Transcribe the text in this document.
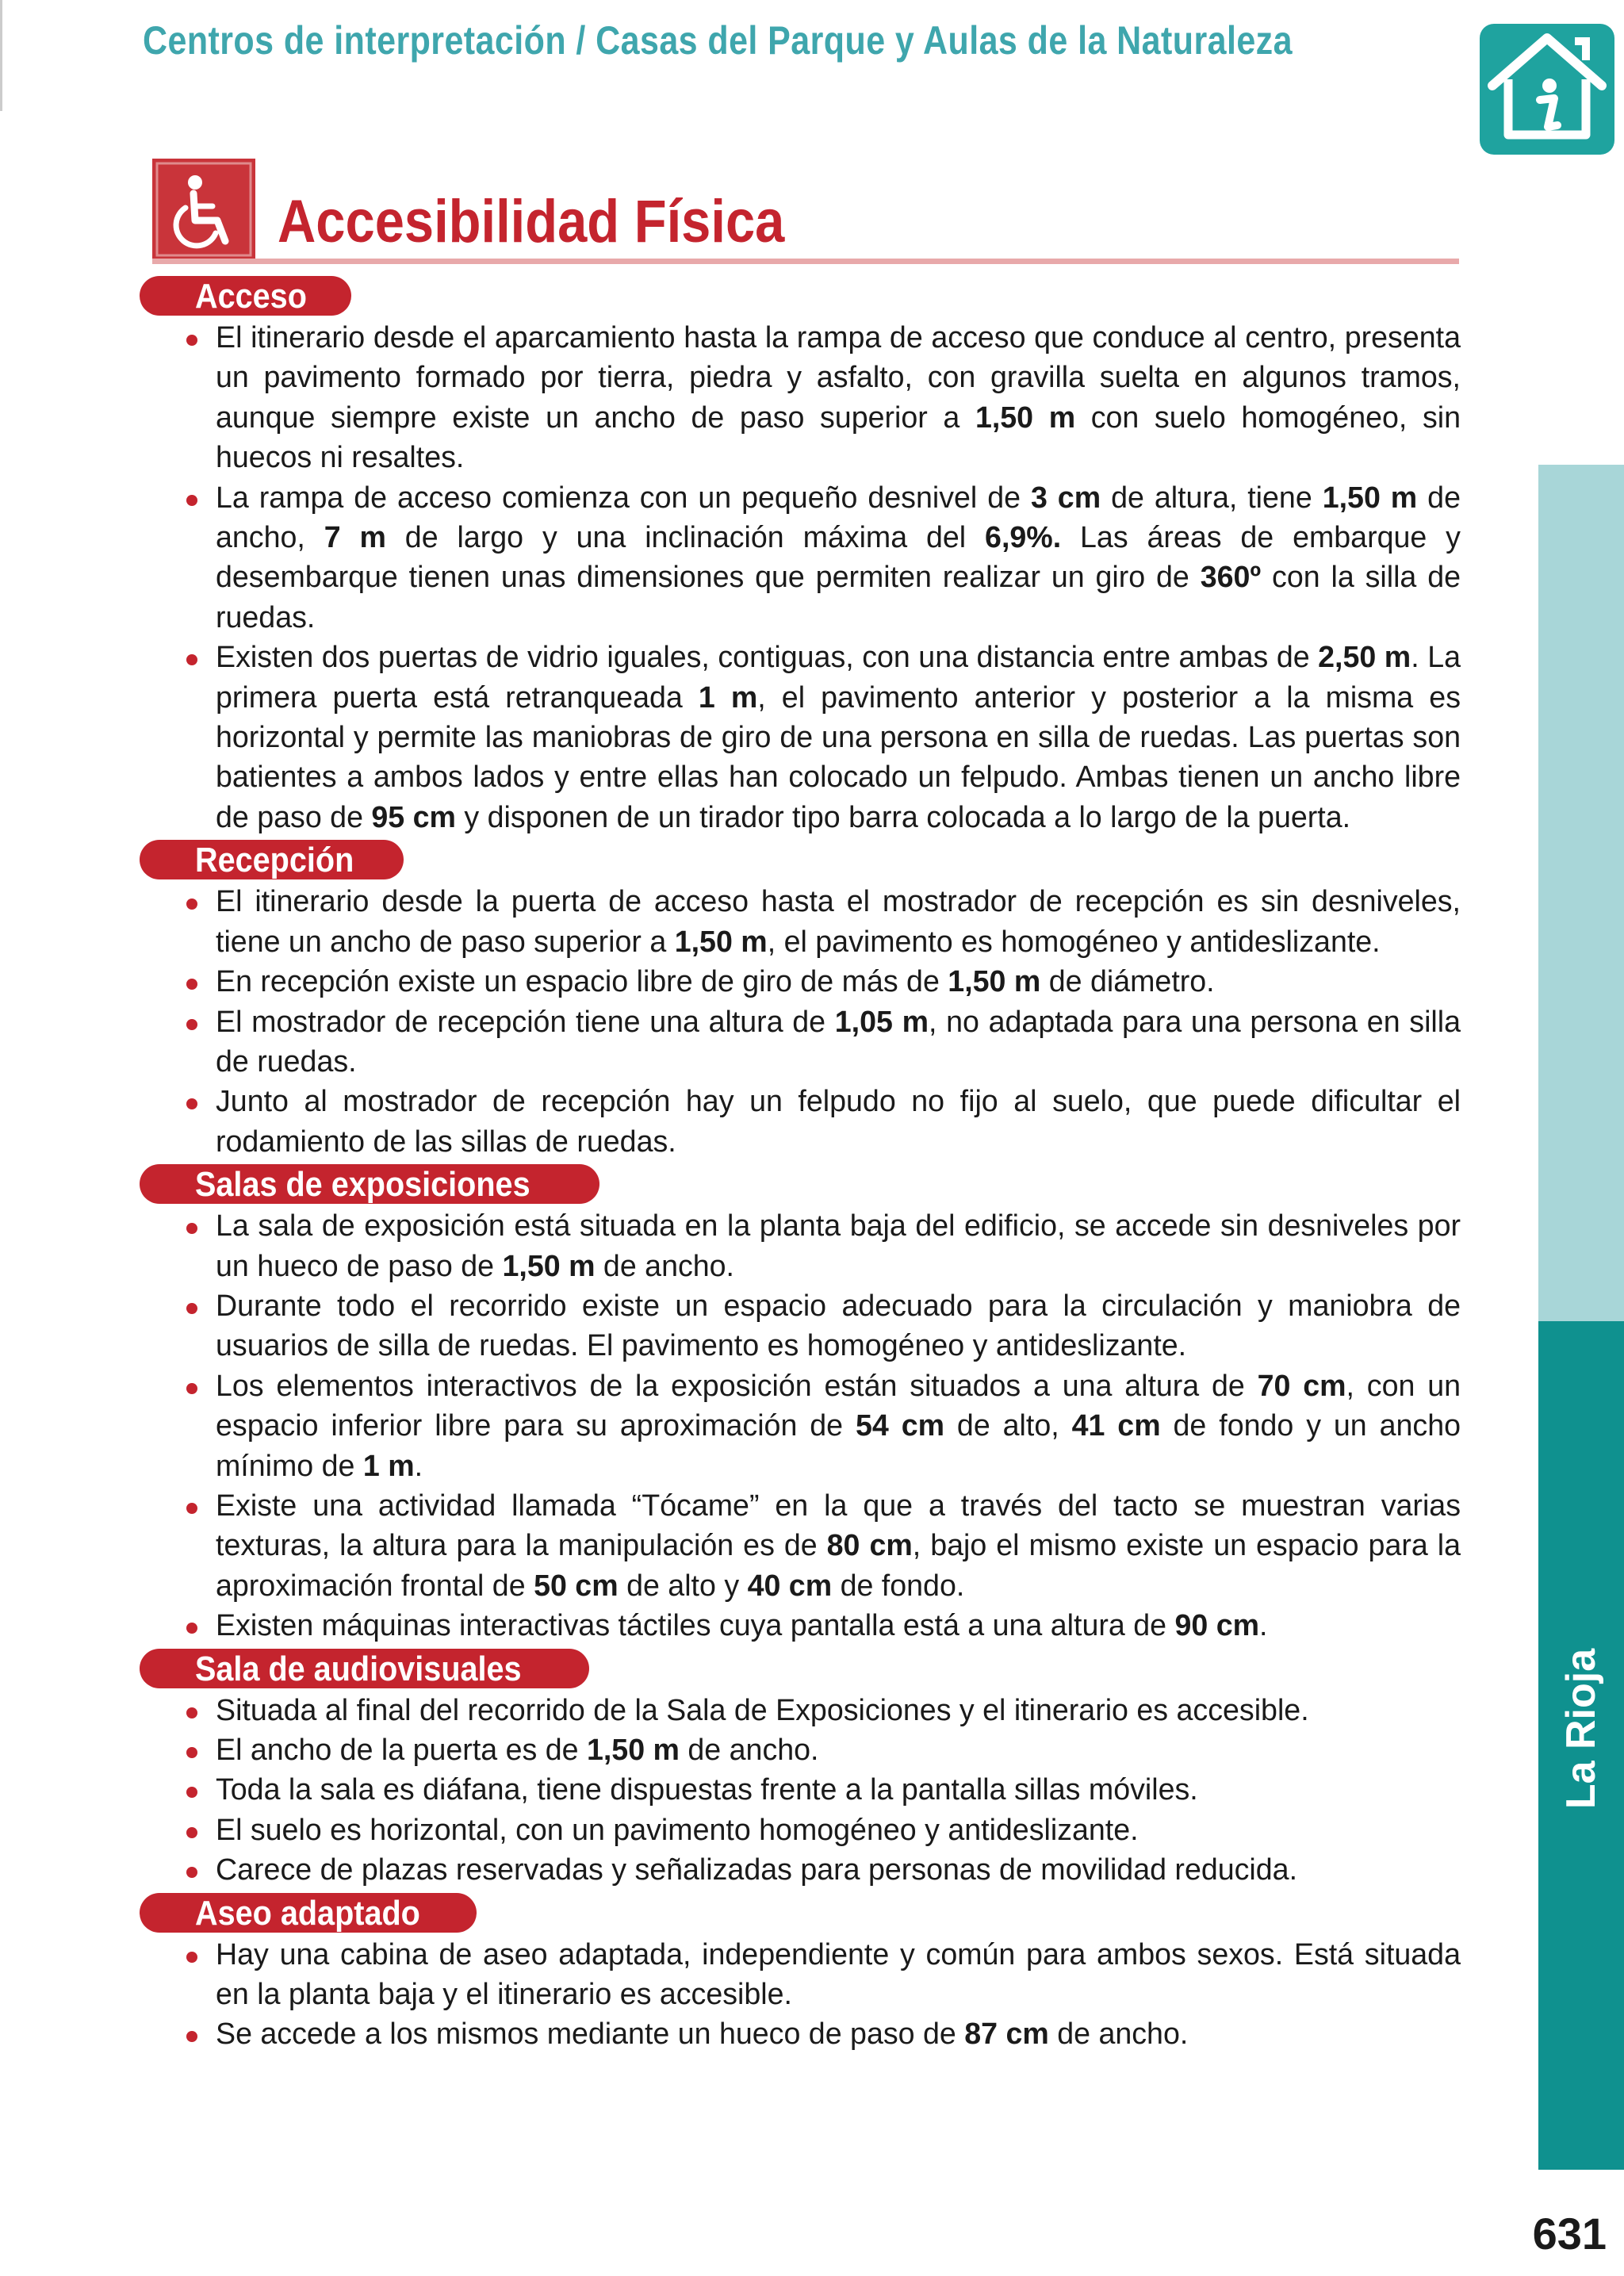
Centros de interpretación / Casas del Parque y Aulas de la Naturaleza
La Rioja
Accesibilidad Física
Acceso
El itinerario desde el aparcamiento hasta la rampa de acceso que conduce al centro, presenta un pavimento formado por tierra, piedra y asfalto, con gravilla suelta en algunos tramos, aunque siempre existe un ancho de paso superior a 1,50 m con suelo homogéneo, sin huecos ni resaltes.
La rampa de acceso comienza con un pequeño desnivel de 3 cm de altura, tiene 1,50 m de ancho, 7 m de largo y una inclinación máxima del 6,9%. Las áreas de embarque y desembarque tienen unas dimensiones que permiten realizar un giro de 360º con la silla de ruedas.
Existen dos puertas de vidrio iguales, contiguas, con una distancia entre ambas de 2,50 m. La primera puerta está retranqueada 1 m, el pavimento anterior y posterior a la misma es horizontal y permite las maniobras de giro de una persona en silla de ruedas. Las puertas son batientes a ambos lados y entre ellas han colocado un felpudo. Ambas tienen un ancho libre de paso de 95 cm y disponen de un tirador tipo barra colocada a lo largo de la puerta.
Recepción
El itinerario desde la puerta de acceso hasta el mostrador de recepción es sin desniveles, tiene un ancho de paso superior a 1,50 m, el pavimento es homogéneo y antideslizante.
En recepción existe un espacio libre de giro de más de 1,50 m de diámetro.
El mostrador de recepción tiene una altura de 1,05 m, no adaptada para una persona en silla de ruedas.
Junto al mostrador de recepción hay un felpudo no fijo al suelo, que puede dificultar el rodamiento de las sillas de ruedas.
Salas de exposiciones
La sala de exposición está situada en la planta baja del edificio, se accede sin desniveles por un hueco de paso de 1,50 m de ancho.
Durante todo el recorrido existe un espacio adecuado para la circulación y maniobra de usuarios de silla de ruedas. El pavimento es homogéneo y antideslizante.
Los elementos interactivos de la exposición están situados a una altura de 70 cm, con un espacio inferior libre para su aproximación de 54 cm de alto, 41 cm de fondo y un ancho mínimo de 1 m.
Existe una actividad llamada “Tócame” en la que a través del tacto se muestran varias texturas, la altura para la manipulación es de 80 cm, bajo el mismo existe un espacio para la aproximación frontal de 50 cm de alto y 40 cm de fondo.
Existen máquinas interactivas táctiles cuya pantalla está a una altura de 90 cm.
Sala de audiovisuales
Situada al final del recorrido de la Sala de Exposiciones y el itinerario es accesible.
El ancho de la puerta es de 1,50 m de ancho.
Toda la sala es diáfana, tiene dispuestas frente a la pantalla sillas móviles.
El suelo es horizontal, con un pavimento homogéneo y antideslizante.
Carece de plazas reservadas y señalizadas para personas de movilidad reducida.
Aseo adaptado
Hay una cabina de aseo adaptada, independiente y común para ambos sexos. Está situada en la planta baja y el itinerario es accesible.
Se accede a los mismos mediante un hueco de paso de 87 cm de ancho.
631
